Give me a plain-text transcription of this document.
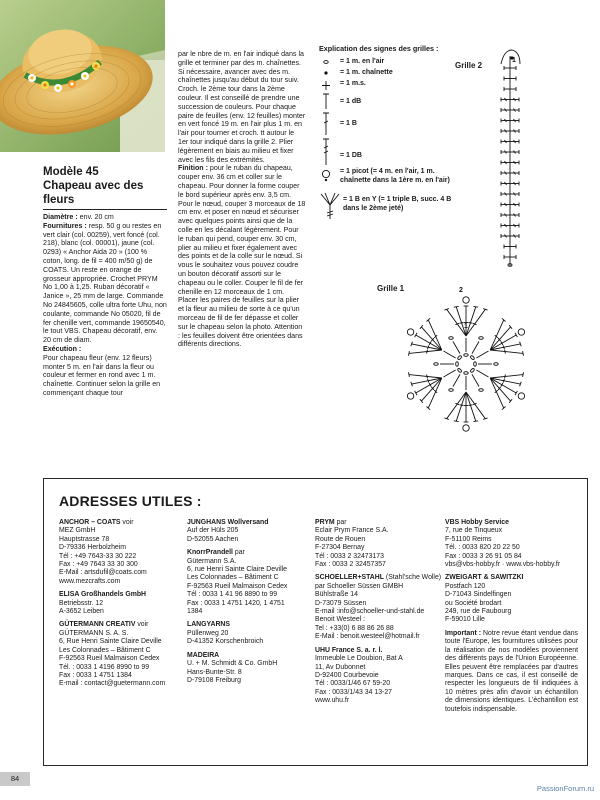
Modèle 45
Chapeau avec des fleurs

Diamètre : env. 20 cm

Fournitures : resp. 50 g ou restes en vert clair (col. 00259), vert foncé (col. 218), blanc (col. 00001), jaune (col. 0293) « Anchor Aida 20 » (100 % coton, long. de fil = 400 m/50 g) de COATS. Un reste en orange de grosseur appropriée. Crochet PRYM No 1,00 à 1,25. Ruban décoratif « Janice », 25 mm de large. Commande No 24845605, colle ultra forte Uhu, non coulante, commande No 05020, fil de fer chenille vert, commande 19650540, le tout VBS. Chapeau décoratif, env. 20 cm de diam.

Exécution :

Pour chapeau fleur (env. 12 fleurs) monter 5 m. en l'air dans la fleur ou couleur et fermer en rond avec 1 m. chaînette. Continuer selon la grille en commençant chaque tour

par le nbre de m. en l'air indiqué dans la grille et terminer par des m. chaînettes. Si nécessaire, avancer avec des m. chaînettes jusqu'au début du tour suiv. Croch. le 2ème tour dans la 2ème couleur. Il est conseillé de prendre une succession de couleurs. Pour chaque paire de feuilles (env. 12 feuilles) monter en vert foncé 19 m. en l'air plus 1 m. en l'air pour tourner et croch. tt autour le 1er tour indiqué dans la grille 2. Plier légèrement en biais au milieu et fixer avec les fils des extrémités.

Finition : pour le ruban du chapeau, couper env. 36 cm et coller sur le chapeau. Pour donner la forme couper le bord supérieur après env. 3,5 cm. Pour le nœud, couper 3 morceaux de 18 cm env. et poser en nœud et sécuriser avec quelques points ainsi que de la colle en les décalant légèrement. Pour le ruban qui pend, couper env. 30 cm, plier au milieu et fixer également avec des points et de la colle sur le nœud. Si vous le souhaitez vous pouvez coudre un bouton décoratif assorti sur le chapeau ou le coller. Couper le fil de fer chenille en 12 morceaux de 1 cm. Placer les paires de feuilles sur la plier et la fleur au milieu de sorte à ce qu'un morceau de fil de fer dépasse et coller sur le chapeau selon la photo. Attention : les feuilles doivent être orientées dans différents directions.

Explication des signes des grilles :
= 1 m. en l'air
= 1 m. chaînette
= 1 m.s.
= 1 dB
= 1 B
= 1 DB
= 1 picot (= 4 m. en l'air, 1 m. chaînette dans la 1ère m. en l'air)
= 1 B en Y (= 1 triple B, succ. 4 B dans le 2ème jeté)
Grille 2
1
Grille 1	2
1
ADRESSES UTILES :
ANCHOR – COATS voir
MEZ GmbH
Hauptstrasse 78
D-79336 Herbolzheim
Tél : +49 7643-33 30 222
Fax : +49 7643 33 30 300
E-Mail : artsdufil@coats.com
www.mezcrafts.com
ELISA Großhandels GmbH
Betriebsstr. 12
A-3652 Leiben
GÜTERMANN CREATIV voir
GÜTERMANN S. A. S.
6, Rue Henri Sainte Claire Deville
Les Colonnades – Bâtiment C
F-92563 Rueil Malmaison Cedex
Tél. : 0033 1 4196 8990 to 99
Fax : 0033 1 4751 1384
E-mail : contact@guetermann.com
JUNGHANS Wollversand
Auf der Hüls 205
D-52055 Aachen
KnorrPrandell par
Gütermann S.A.
6, rue Henri Sainte Claire Deville
Les Colonnades – Bâtiment C
F-92563 Rueil Malmaison Cedex
Tél : 0033 1 41 96 8890 to 99
Fax : 0033 1 4751 1420, 1 4751
1384
LANGYARNS
Püllenweg 20
D-41352 Korschenbroich
MADEIRA
U. + M. Schmidt & Co. GmbH
Hans-Bunte-Str. 8
D-79108 Freiburg
PRYM par
Eclair Prym France S.A.
Route de Rouen
F-27304 Bernay
Tél : 0033 2 32473173
Fax : 0033 2 32457357
SCHOELLER+STAHL (Stahl'sche Wolle) par Schoeller Süssen GMBH
Bühlstraße 14
D-73079 Süssen
E-mail :info@schoeller-und-stahl.de
Benoit Westeel :
Tel : +33(0) 6 88 86 26 88
E-Mail : benoit.westeel@hotmail.fr
UHU France S. a. r. l.
Immeuble Le Doubion, Bat A
11, Av Dubonnet
D-92400 Courbevoie
Tél : 0033/1/46 67 59-20
Fax : 0033/1/43 34 13-27
www.uhu.fr
VBS Hobby Service
7, rue de Tinqueux
F-51100 Reims
Tél. : 0033 820 20 22 50
Fax : 0033 3 26 91 05 84
vbs@vbs-hobby.fr · www.vbs-hobby.fr
ZWEIGART & SAWITZKI
Postfach 120
D-71043 Sindelfingen
ou Société brodart
249, rue de Faubourg
F-59010 Lille
Important : Notre revue étant vendue dans toute l'Europe, les fournitures utilisées pour la réalisation de nos modèles proviennent des différents pays de l'Union Européenne. Elles peuvent être remplacées par d'autres marques. Dans ce cas, il est conseillé de respecter les longueurs de fil indiquées à 10 mètres près afin d'avoir un échantillon de dimensions identiques. L'échantillon est toutefois indispensable.
84
PassionForum.ru
